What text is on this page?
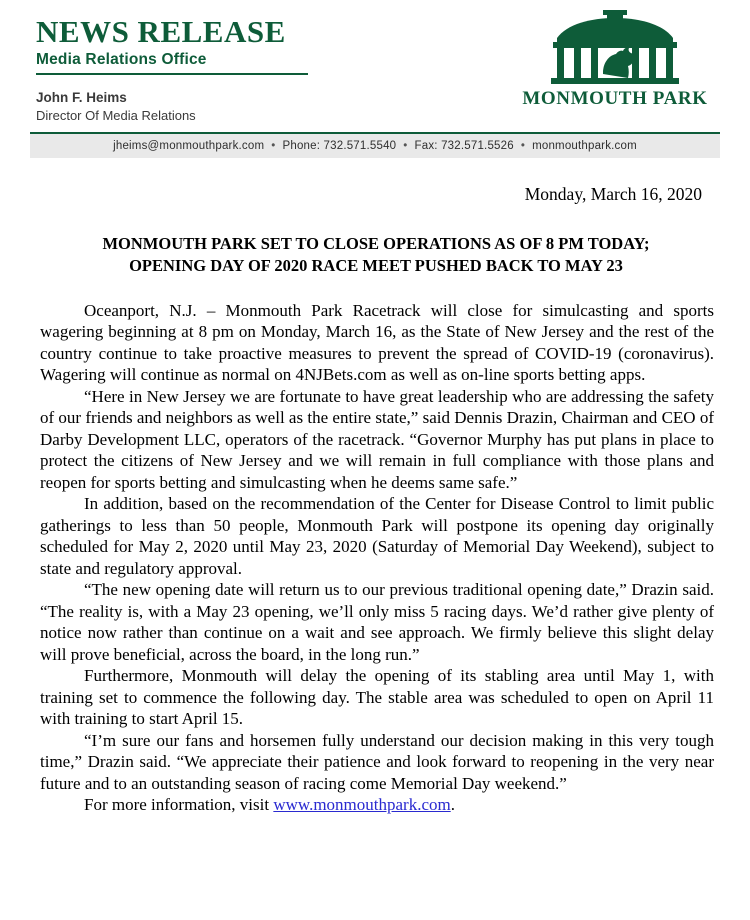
NEWS RELEASE
Media Relations Office
John F. Heims
Director Of Media Relations
MONMOUTH PARK
jheims@monmouthpark.com • Phone: 732.571.5540 • Fax: 732.571.5526 • monmouthpark.com
Monday, March 16, 2020
MONMOUTH PARK SET TO CLOSE OPERATIONS AS OF 8 PM TODAY;
OPENING DAY OF 2020 RACE MEET PUSHED BACK TO MAY 23

Oceanport, N.J. – Monmouth Park Racetrack will close for simulcasting and sports wagering beginning at 8 pm on Monday, March 16, as the State of New Jersey and the rest of the country continue to take proactive measures to prevent the spread of COVID-19 (coronavirus). Wagering will continue as normal on 4NJBets.com as well as on-line sports betting apps.

“Here in New Jersey we are fortunate to have great leadership who are addressing the safety of our friends and neighbors as well as the entire state,” said Dennis Drazin, Chairman and CEO of Darby Development LLC, operators of the racetrack. “Governor Murphy has put plans in place to protect the citizens of New Jersey and we will remain in full compliance with those plans and reopen for sports betting and simulcasting when he deems same safe.”

In addition, based on the recommendation of the Center for Disease Control to limit public gatherings to less than 50 people, Monmouth Park will postpone its opening day originally scheduled for May 2, 2020 until May 23, 2020 (Saturday of Memorial Day Weekend), subject to state and regulatory approval.

“The new opening date will return us to our previous traditional opening date,” Drazin said. “The reality is, with a May 23 opening, we’ll only miss 5 racing days. We’d rather give plenty of notice now rather than continue on a wait and see approach. We firmly believe this slight delay will prove beneficial, across the board, in the long run.”

Furthermore, Monmouth will delay the opening of its stabling area until May 1, with training set to commence the following day. The stable area was scheduled to open on April 11 with training to start April 15.

“I’m sure our fans and horsemen fully understand our decision making in this very tough time,” Drazin said. “We appreciate their patience and look forward to reopening in the very near future and to an outstanding season of racing come Memorial Day weekend.”

For more information, visit www.monmouthpark.com.
